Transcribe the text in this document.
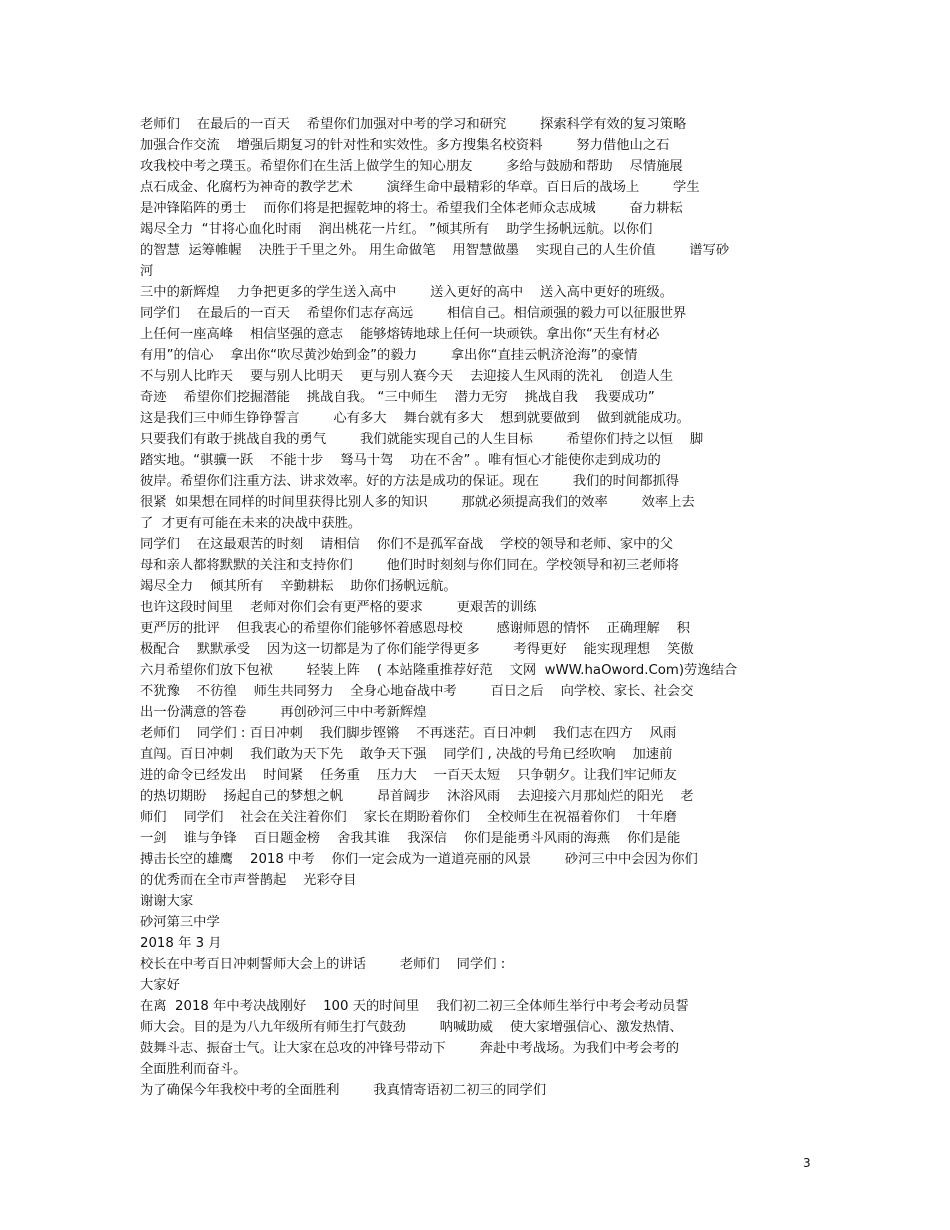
老师们    在最后的一百天    希望你们加强对中考的学习和研究        探索科学有效的复习策略
加强合作交流    增强后期复习的针对性和实效性。多方搜集名校资料        努力借他山之石
攻我校中考之璞玉。希望你们在生活上做学生的知心朋友        多给与鼓励和帮助    尽情施展
点石成金、化腐朽为神奇的教学艺术        演绎生命中最精彩的华章。百日后的战场上        学生
是冲锋陷阵的勇士    而你们将是把握乾坤的将士。希望我们全体老师众志成城        奋力耕耘
竭尽全力  “甘将心血化时雨    润出桃花一片红。 ”倾其所有    助学生扬帆远航。以你们
的智慧  运筹帷幄    决胜于千里之外。 用生命做笔    用智慧做墨    实现自己的人生价值        谱写砂
河
三中的新辉煌    力争把更多的学生送入高中        送入更好的高中    送入高中更好的班级。
同学们    在最后的一百天    希望你们志存高远        相信自己。相信顽强的毅力可以征服世界
上任何一座高峰    相信坚强的意志    能够熔铸地球上任何一块顽铁。拿出你“天生有材必
有用”的信心    拿出你“吹尽黄沙始到金”的毅力        拿出你“直挂云帆济沧海”的豪情
不与别人比昨天    要与别人比明天    更与别人赛今天    去迎接人生风雨的洗礼    创造人生
奇迹    希望你们挖掘潜能    挑战自我。 “三中师生    潜力无穷    挑战自我    我要成功”
这是我们三中师生铮铮誓言        心有多大    舞台就有多大    想到就要做到    做到就能成功。
只要我们有敢于挑战自我的勇气        我们就能实现自己的人生目标        希望你们持之以恒    脚
踏实地。“骐骥一跃    不能十步    驽马十驾    功在不舍” 。唯有恒心才能使你走到成功的
彼岸。希望你们注重方法、讲求效率。好的方法是成功的保证。现在        我们的时间都抓得
很紧  如果想在同样的时间里获得比别人多的知识        那就必须提高我们的效率        效率上去
了  才更有可能在未来的决战中获胜。
同学们    在这最艰苦的时刻    请相信    你们不是孤军奋战    学校的领导和老师、家中的父
母和亲人都将默默的关注和支持你们        他们时时刻刻与你们同在。学校领导和初三老师将
竭尽全力    倾其所有    辛勤耕耘    助你们扬帆远航。
也许这段时间里    老师对你们会有更严格的要求        更艰苦的训练
更严厉的批评    但我衷心的希望你们能够怀着感恩母校        感谢师恩的情怀    正确理解    积
极配合    默默承受    因为这一切都是为了你们能学得更多        考得更好    能实现理想    笑傲
六月希望你们放下包袱        轻装上阵    ( 本站隆重推荐好范    文网  wWW.haOword.Com)劳逸结合
不犹豫    不彷徨    师生共同努力    全身心地奋战中考        百日之后    向学校、家长、社会交
出一份满意的答卷        再创砂河三中中考新辉煌
老师们    同学们 : 百日冲刺    我们脚步铿锵    不再迷茫。百日冲刺    我们志在四方    风雨
直闯。百日冲刺    我们敢为天下先    敢争天下强    同学们 , 决战的号角已经吹响    加速前
进的命令已经发出    时间紧    任务重    压力大    一百天太短    只争朝夕。让我们牢记师友
的热切期盼    扬起自己的梦想之帆        昂首阔步    沐浴风雨    去迎接六月那灿烂的阳光    老
师们    同学们    社会在关注着你们    家长在期盼着你们    全校师生在祝福着你们    十年磨
一剑    谁与争锋    百日题金榜    舍我其谁    我深信    你们是能勇斗风雨的海燕    你们是能
搏击长空的雄鹰    2018 中考    你们一定会成为一道道亮丽的风景        砂河三中中会因为你们
的优秀而在全市声誉鹊起    光彩夺目
谢谢大家
砂河第三中学
2018 年 3 月
校长在中考百日冲刺誓师大会上的讲话        老师们    同学们 :
大家好
在离  2018 年中考决战刚好    100 天的时间里    我们初二初三全体师生举行中考会考动员誓
师大会。目的是为八九年级所有师生打气鼓劲        呐喊助威    使大家增强信心、激发热情、
鼓舞斗志、振奋士气。让大家在总攻的冲锋号带动下        奔赴中考战场。为我们中考会考的
全面胜利而奋斗。
为了确保今年我校中考的全面胜利        我真情寄语初二初三的同学们
3
